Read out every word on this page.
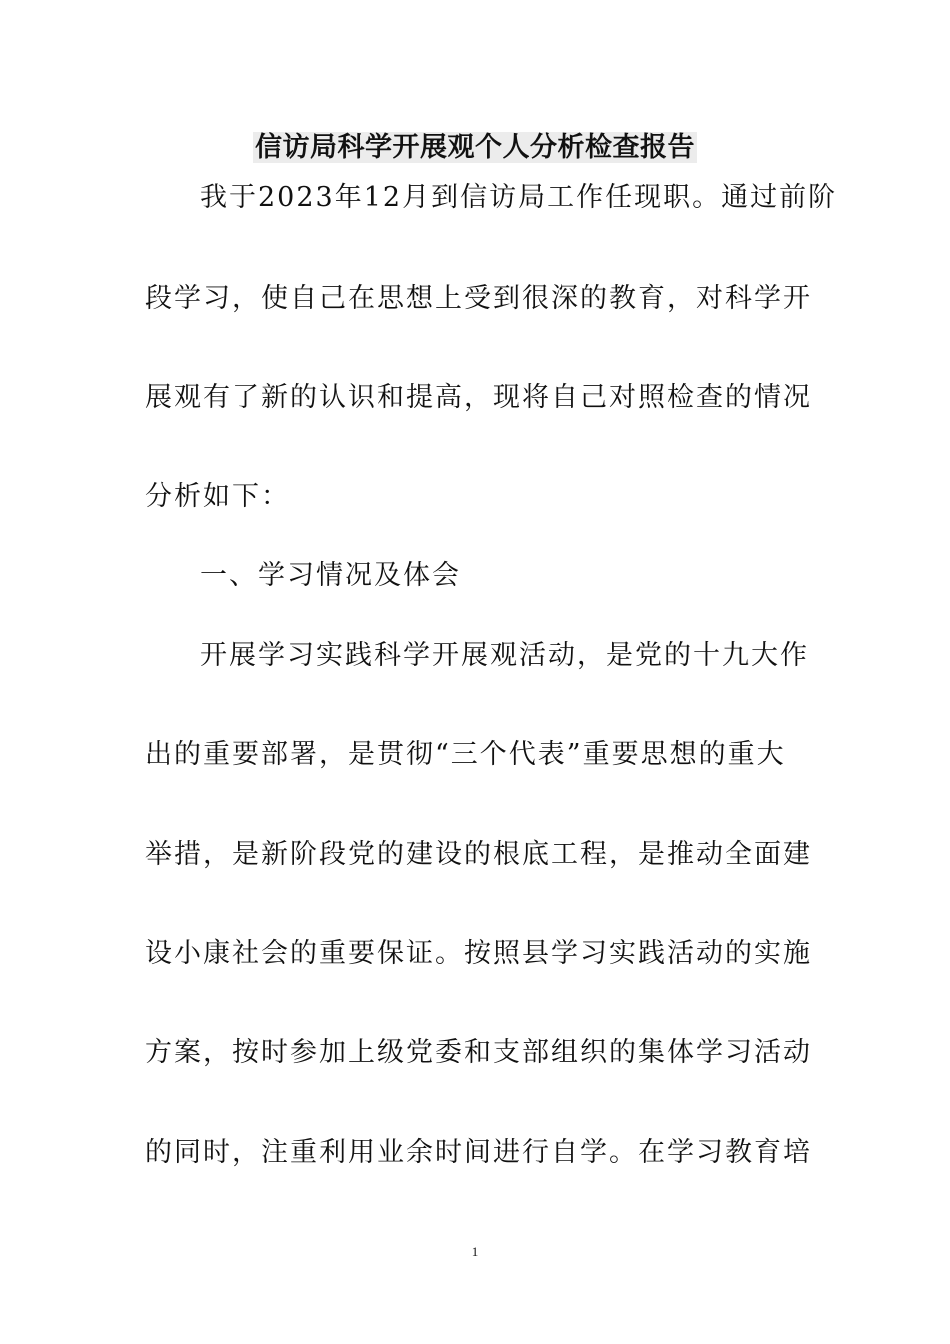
信访局科学开展观个人分析检查报告
我于2023年12月到信访局工作任现职。通过前阶
段学习，使自己在思想上受到很深的教育，对科学开
展观有了新的认识和提高，现将自己对照检查的情况
分析如下：
一、学习情况及体会
开展学习实践科学开展观活动，是党的十九大作
出的重要部署，是贯彻“三个代表”重要思想的重大
举措，是新阶段党的建设的根底工程，是推动全面建
设小康社会的重要保证。按照县学习实践活动的实施
方案，按时参加上级党委和支部组织的集体学习活动
的同时，注重利用业余时间进行自学。在学习教育培
1
